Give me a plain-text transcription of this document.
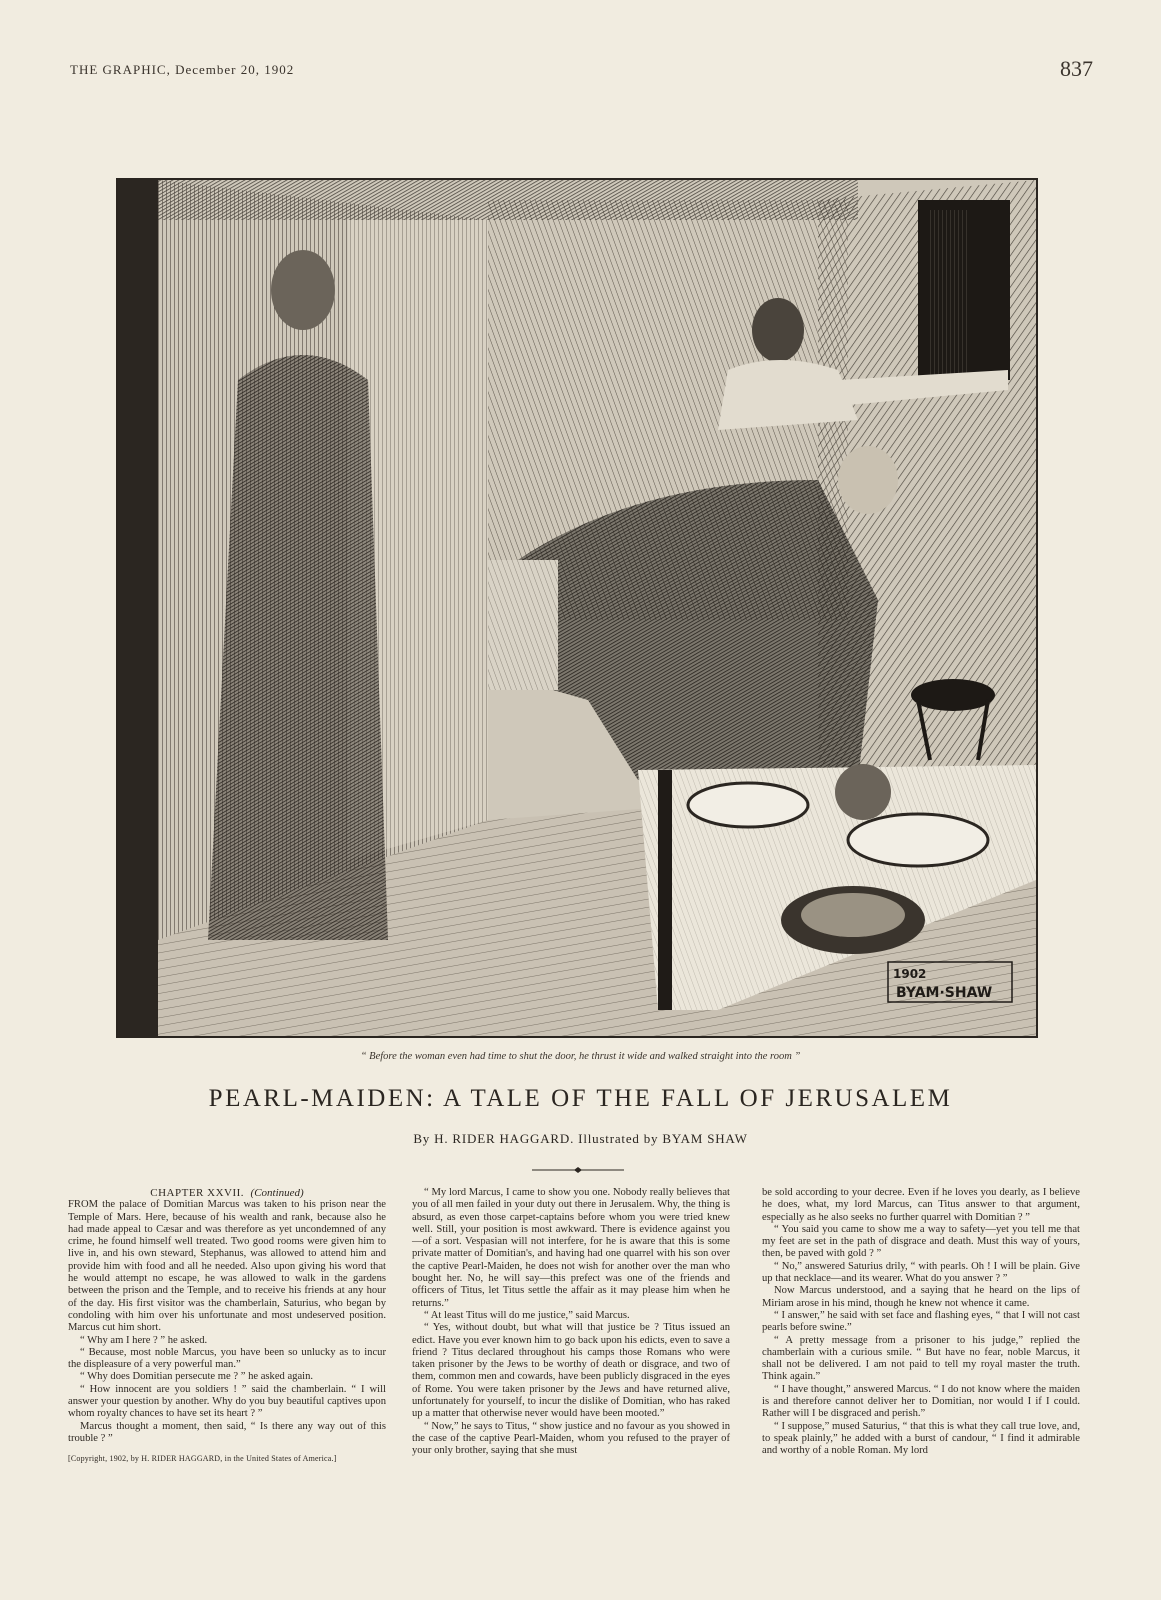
THE GRAPHIC, December 20, 1902	837
1902
BYAM·SHAW
“ Before the woman even had time to shut the door, he thrust it wide and walked straight into the room ”
PEARL-MAIDEN: A TALE OF THE FALL OF JERUSALEM
By H. RIDER HAGGARD. Illustrated by BYAM SHAW

CHAPTER XXVII. (Continued)

FROM the palace of Domitian Marcus was taken to his prison near the Temple of Mars. Here, because of his wealth and rank, because also he had made appeal to Cæsar and was therefore as yet uncondemned of any crime, he found himself well treated. Two good rooms were given him to live in, and his own steward, Stephanus, was allowed to attend him and provide him with food and all he needed. Also upon giving his word that he would attempt no escape, he was allowed to walk in the gardens between the prison and the Temple, and to receive his friends at any hour of the day. His first visitor was the chamberlain, Saturius, who began by condoling with him over his unfortunate and most undeserved position. Marcus cut him short.

“ Why am I here ? ” he asked.

“ Because, most noble Marcus, you have been so unlucky as to incur the displeasure of a very powerful man.”

“ Why does Domitian persecute me ? ” he asked again.

“ How innocent are you soldiers ! ” said the chamberlain. “ I will answer your question by another. Why do you buy beautiful captives upon whom royalty chances to have set its heart ? ”

Marcus thought a moment, then said, “ Is there any way out of this trouble ? ”

[Copyright, 1902, by H. RIDER HAGGARD, in the United States of America.]

“ My lord Marcus, I came to show you one. Nobody really believes that you of all men failed in your duty out there in Jerusalem. Why, the thing is absurd, as even those carpet-captains before whom you were tried knew well. Still, your position is most awkward. There is evidence against you—of a sort. Vespasian will not interfere, for he is aware that this is some private matter of Domitian's, and having had one quarrel with his son over the captive Pearl-Maiden, he does not wish for another over the man who bought her. No, he will say—this prefect was one of the friends and officers of Titus, let Titus settle the affair as it may please him when he returns.”

“ At least Titus will do me justice,” said Marcus.

“ Yes, without doubt, but what will that justice be ? Titus issued an edict. Have you ever known him to go back upon his edicts, even to save a friend ? Titus declared throughout his camps those Romans who were taken prisoner by the Jews to be worthy of death or disgrace, and two of them, common men and cowards, have been publicly disgraced in the eyes of Rome. You were taken prisoner by the Jews and have returned alive, unfortunately for yourself, to incur the dislike of Domitian, who has raked up a matter that otherwise never would have been mooted.”

“ Now,” he says to Titus, “ show justice and no favour as you showed in the case of the captive Pearl-Maiden, whom you refused to the prayer of your only brother, saying that she must

be sold according to your decree. Even if he loves you dearly, as I believe he does, what, my lord Marcus, can Titus answer to that argument, especially as he also seeks no further quarrel with Domitian ? ”

“ You said you came to show me a way to safety—yet you tell me that my feet are set in the path of disgrace and death. Must this way of yours, then, be paved with gold ? ”

“ No,” answered Saturius drily, “ with pearls. Oh ! I will be plain. Give up that necklace—and its wearer. What do you answer ? ”

Now Marcus understood, and a saying that he heard on the lips of Miriam arose in his mind, though he knew not whence it came.

“ I answer,” he said with set face and flashing eyes, “ that I will not cast pearls before swine.”

“ A pretty message from a prisoner to his judge,” replied the chamberlain with a curious smile. “ But have no fear, noble Marcus, it shall not be delivered. I am not paid to tell my royal master the truth. Think again.”

“ I have thought,” answered Marcus. “ I do not know where the maiden is and therefore cannot deliver her to Domitian, nor would I if I could. Rather will I be disgraced and perish.”

“ I suppose,” mused Saturius, “ that this is what they call true love, and, to speak plainly,” he added with a burst of candour, “ I find it admirable and worthy of a noble Roman. My lord
